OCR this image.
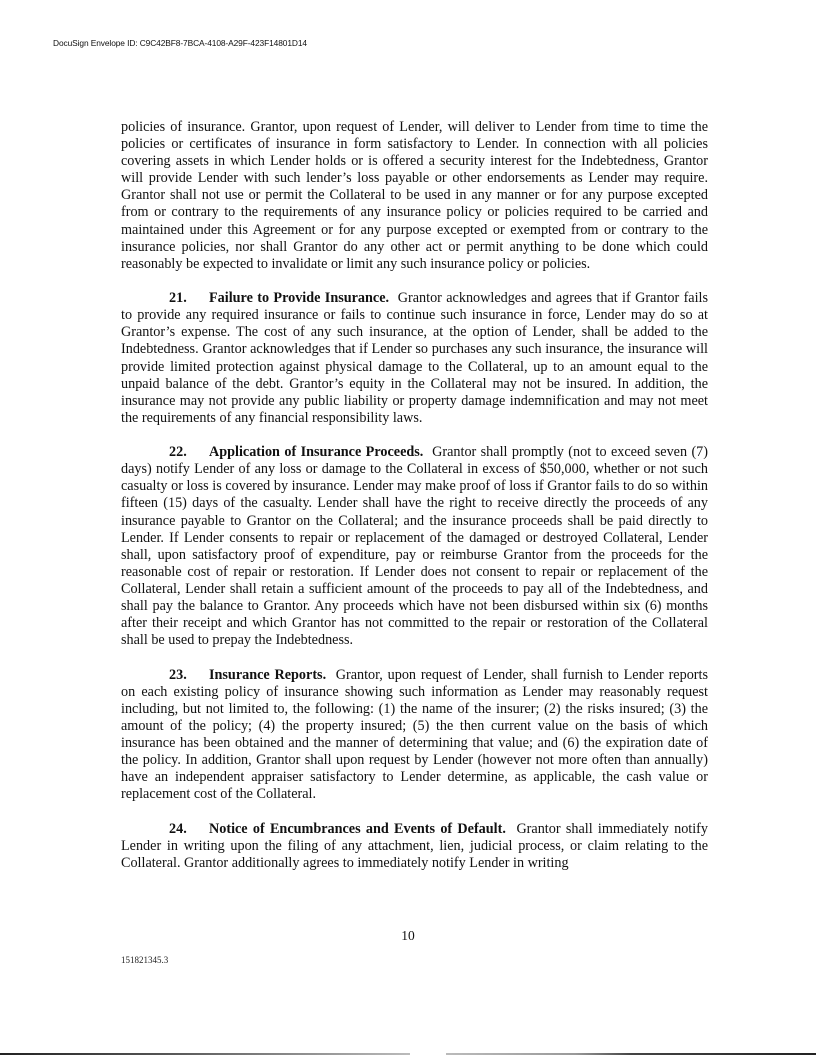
DocuSign Envelope ID: C9C42BF8-7BCA-4108-A29F-423F14801D14

policies of insurance. Grantor, upon request of Lender, will deliver to Lender from time to time the policies or certificates of insurance in form satisfactory to Lender. In connection with all policies covering assets in which Lender holds or is offered a security interest for the Indebtedness, Grantor will provide Lender with such lender’s loss payable or other endorsements as Lender may require. Grantor shall not use or permit the Collateral to be used in any manner or for any purpose excepted from or contrary to the requirements of any insurance policy or policies required to be carried and maintained under this Agreement or for any purpose excepted or exempted from or contrary to the insurance policies, nor shall Grantor do any other act or permit anything to be done which could reasonably be expected to invalidate or limit any such insurance policy or policies.

21. Failure to Provide Insurance. Grantor acknowledges and agrees that if Grantor fails to provide any required insurance or fails to continue such insurance in force, Lender may do so at Grantor’s expense. The cost of any such insurance, at the option of Lender, shall be added to the Indebtedness. Grantor acknowledges that if Lender so purchases any such insurance, the insurance will provide limited protection against physical damage to the Collateral, up to an amount equal to the unpaid balance of the debt. Grantor’s equity in the Collateral may not be insured. In addition, the insurance may not provide any public liability or property damage indemnification and may not meet the requirements of any financial responsibility laws.

22. Application of Insurance Proceeds. Grantor shall promptly (not to exceed seven (7) days) notify Lender of any loss or damage to the Collateral in excess of $50,000, whether or not such casualty or loss is covered by insurance. Lender may make proof of loss if Grantor fails to do so within fifteen (15) days of the casualty. Lender shall have the right to receive directly the proceeds of any insurance payable to Grantor on the Collateral; and the insurance proceeds shall be paid directly to Lender. If Lender consents to repair or replacement of the damaged or destroyed Collateral, Lender shall, upon satisfactory proof of expenditure, pay or reimburse Grantor from the proceeds for the reasonable cost of repair or restoration. If Lender does not consent to repair or replacement of the Collateral, Lender shall retain a sufficient amount of the proceeds to pay all of the Indebtedness, and shall pay the balance to Grantor. Any proceeds which have not been disbursed within six (6) months after their receipt and which Grantor has not committed to the repair or restoration of the Collateral shall be used to prepay the Indebtedness.

23. Insurance Reports. Grantor, upon request of Lender, shall furnish to Lender reports on each existing policy of insurance showing such information as Lender may reasonably request including, but not limited to, the following: (1) the name of the insurer; (2) the risks insured; (3) the amount of the policy; (4) the property insured; (5) the then current value on the basis of which insurance has been obtained and the manner of determining that value; and (6) the expiration date of the policy. In addition, Grantor shall upon request by Lender (however not more often than annually) have an independent appraiser satisfactory to Lender determine, as applicable, the cash value or replacement cost of the Collateral.

24. Notice of Encumbrances and Events of Default. Grantor shall immediately notify Lender in writing upon the filing of any attachment, lien, judicial process, or claim relating to the Collateral. Grantor additionally agrees to immediately notify Lender in writing

10
151821345.3
